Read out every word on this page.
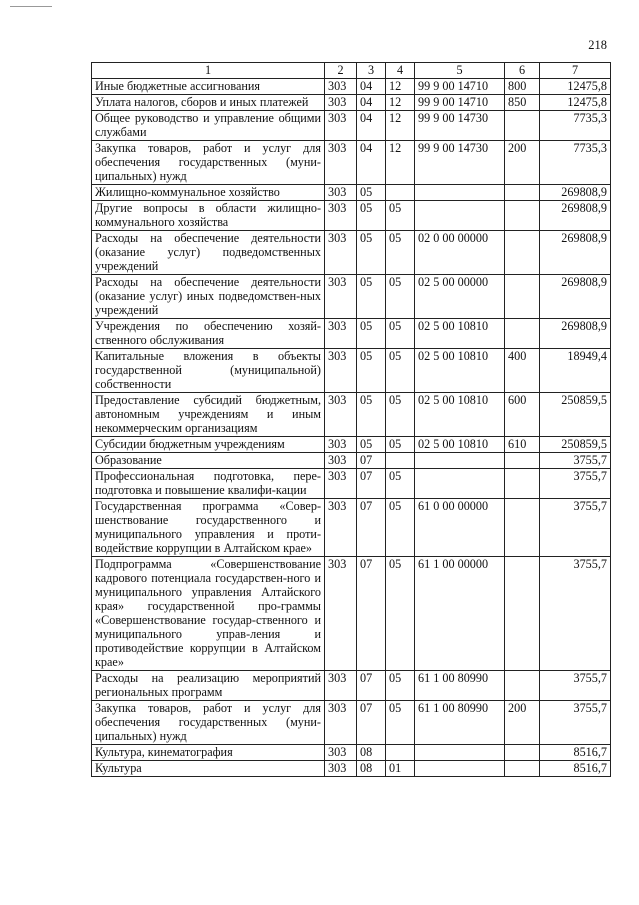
218
1	2	3	4	5	6	7
Иные бюджетные ассигнования	303	04	12	99 9 00 14710	800	12475,8
Уплата налогов, сборов и иных платежей	303	04	12	99 9 00 14710	850	12475,8
Общее руководство и управление общими службами	303	04	12	99 9 00 14730		7735,3
Закупка товаров, работ и услуг для обеспечения государственных (муни-ципальных) нужд	303	04	12	99 9 00 14730	200	7735,3
Жилищно-коммунальное хозяйство	303	05				269808,9
Другие вопросы в области жилищно-коммунального хозяйства	303	05	05			269808,9
Расходы на обеспечение деятельности (оказание услуг) подведомственных учреждений	303	05	05	02 0 00 00000		269808,9
Расходы на обеспечение деятельности (оказание услуг) иных подведомствен-ных учреждений	303	05	05	02 5 00 00000		269808,9
Учреждения по обеспечению хозяй-ственного обслуживания	303	05	05	02 5 00 10810		269808,9
Капитальные вложения в объекты государственной (муниципальной) собственности	303	05	05	02 5 00 10810	400	18949,4
Предоставление субсидий бюджетным, автономным учреждениям и иным некоммерческим организациям	303	05	05	02 5 00 10810	600	250859,5
Субсидии бюджетным учреждениям	303	05	05	02 5 00 10810	610	250859,5
Образование	303	07				3755,7
Профессиональная подготовка, пере-подготовка и повышение квалифи-кации	303	07	05			3755,7
Государственная программа «Совер-шенствование государственного и муниципального управления и проти-водействие коррупции в Алтайском крае»	303	07	05	61 0 00 00000		3755,7
Подпрограмма «Совершенствование кадрового потенциала государствен-ного и муниципального управления Алтайского края» государственной про-граммы «Совершенствование государ-ственного и муниципального управ-ления и противодействие коррупции в Алтайском крае»	303	07	05	61 1 00 00000		3755,7
Расходы на реализацию мероприятий региональных программ	303	07	05	61 1 00 80990		3755,7
Закупка товаров, работ и услуг для обеспечения государственных (муни-ципальных) нужд	303	07	05	61 1 00 80990	200	3755,7
Культура, кинематография	303	08				8516,7
Культура	303	08	01			8516,7
